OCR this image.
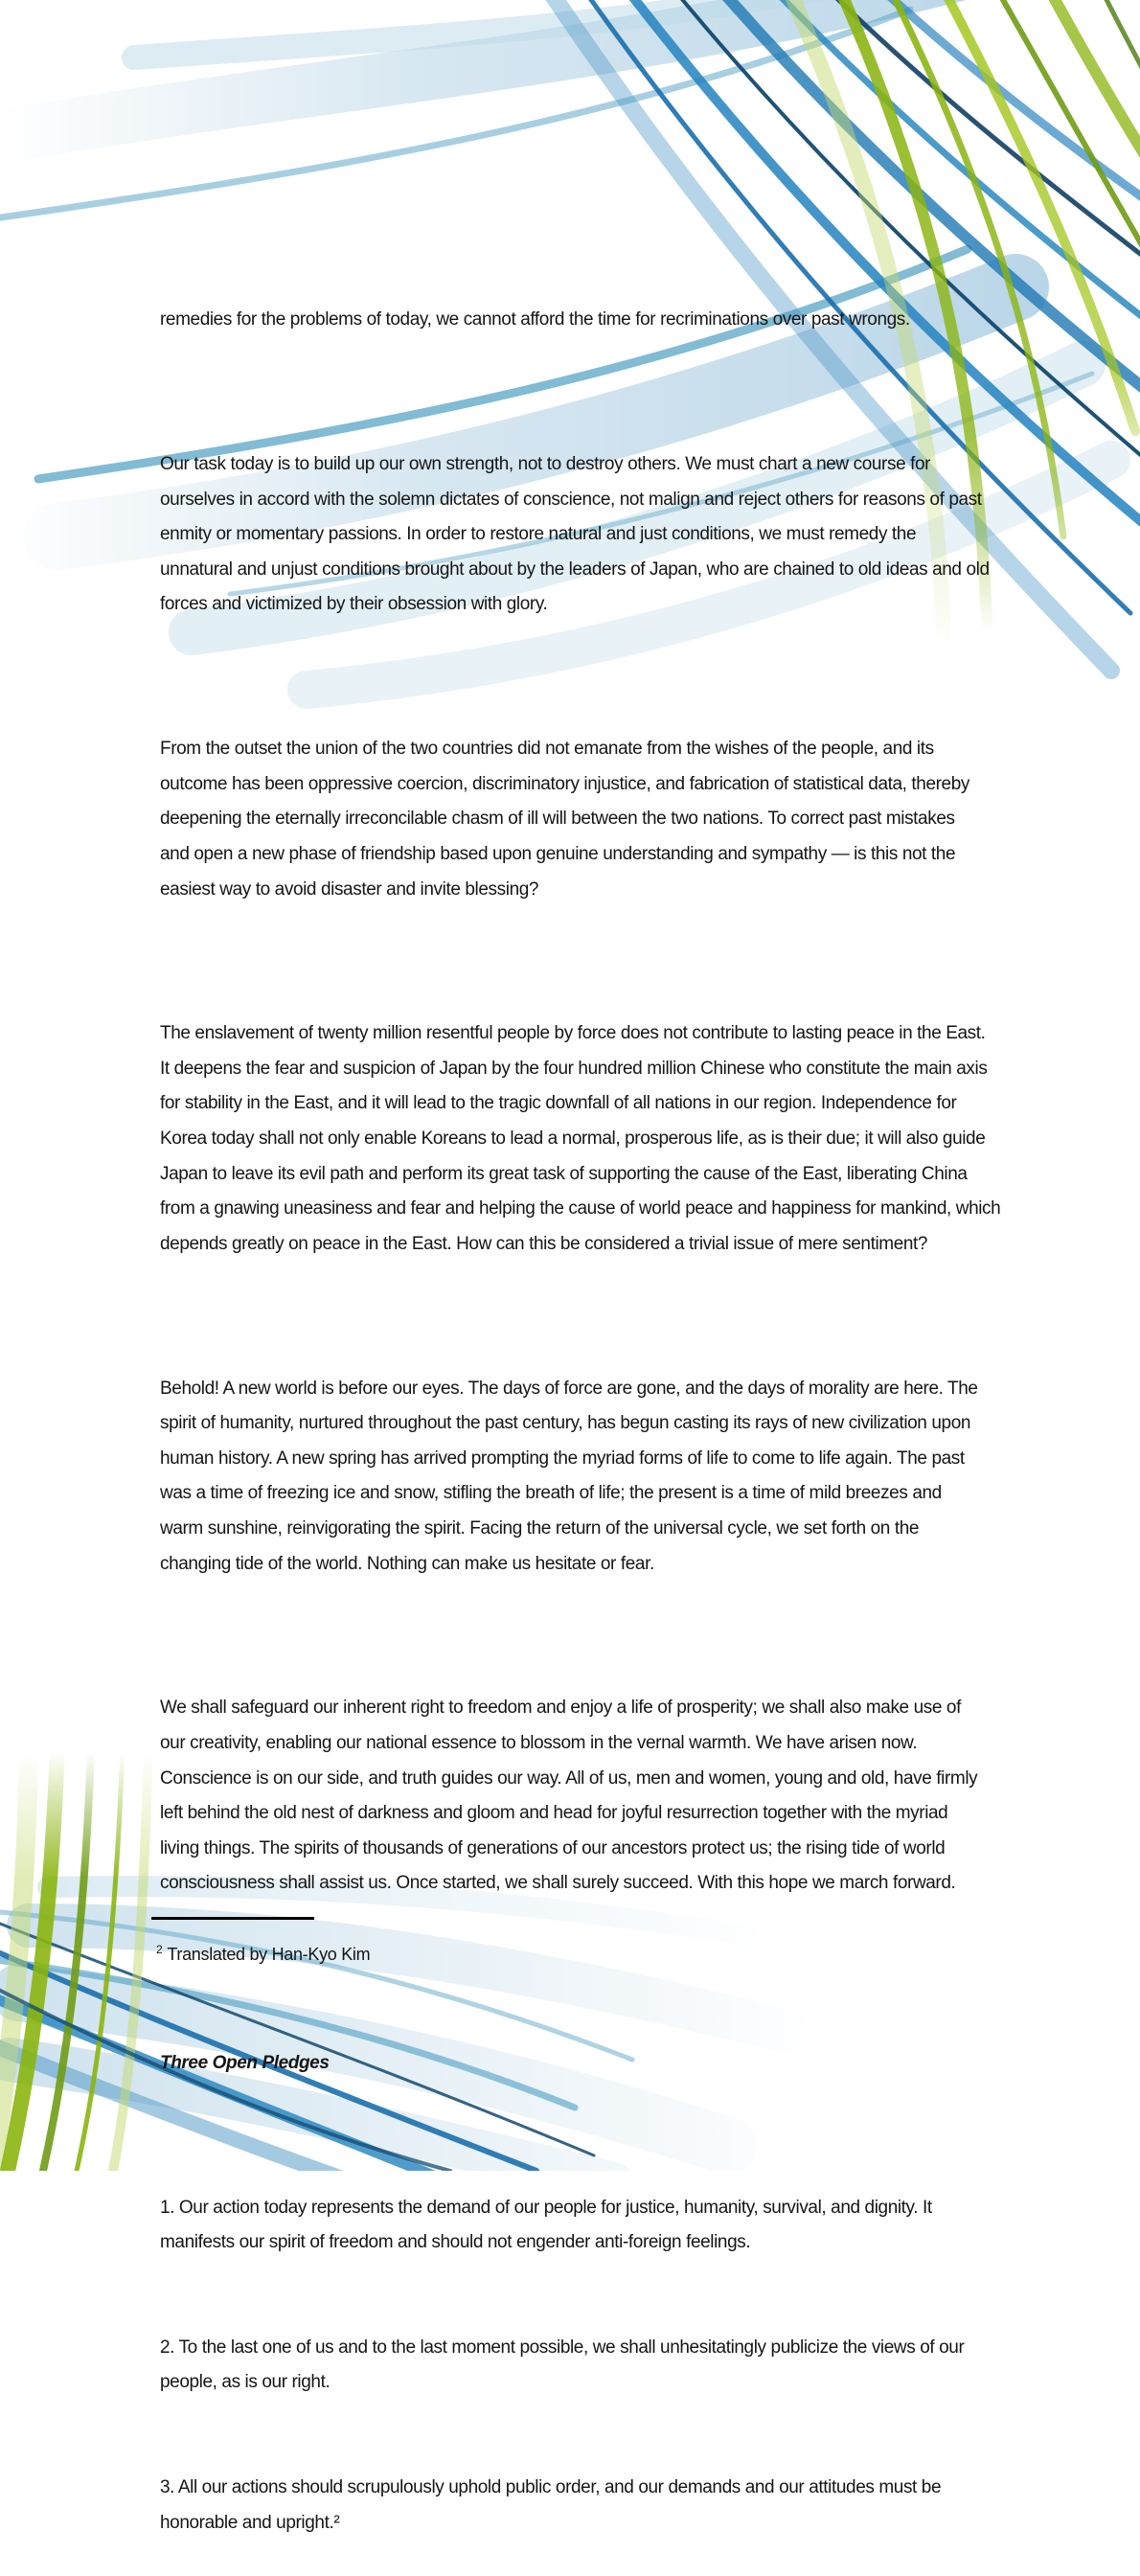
remedies for the problems of today, we cannot afford the time for recriminations over past wrongs.

Our task today is to build up our own strength, not to destroy others. We must chart a new course for
ourselves in accord with the solemn dictates of conscience, not malign and reject others for reasons of past
enmity or momentary passions. In order to restore natural and just conditions, we must remedy the
unnatural and unjust conditions brought about by the leaders of Japan, who are chained to old ideas and old
forces and victimized by their obsession with glory.

From the outset the union of the two countries did not emanate from the wishes of the people, and its
outcome has been oppressive coercion, discriminatory injustice, and fabrication of statistical data, thereby
deepening the eternally irreconcilable chasm of ill will between the two nations. To correct past mistakes
and open a new phase of friendship based upon genuine understanding and sympathy — is this not the
easiest way to avoid disaster and invite blessing?

The enslavement of twenty million resentful people by force does not contribute to lasting peace in the East.
It deepens the fear and suspicion of Japan by the four hundred million Chinese who constitute the main axis
for stability in the East, and it will lead to the tragic downfall of all nations in our region. Independence for
Korea today shall not only enable Koreans to lead a normal, prosperous life, as is their due; it will also guide
Japan to leave its evil path and perform its great task of supporting the cause of the East, liberating China
from a gnawing uneasiness and fear and helping the cause of world peace and happiness for mankind, which
depends greatly on peace in the East. How can this be considered a trivial issue of mere sentiment?

Behold! A new world is before our eyes. The days of force are gone, and the days of morality are here. The
spirit of humanity, nurtured throughout the past century, has begun casting its rays of new civilization upon
human history. A new spring has arrived prompting the myriad forms of life to come to life again. The past
was a time of freezing ice and snow, stifling the breath of life; the present is a time of mild breezes and
warm sunshine, reinvigorating the spirit. Facing the return of the universal cycle, we set forth on the
changing tide of the world. Nothing can make us hesitate or fear.

We shall safeguard our inherent right to freedom and enjoy a life of prosperity; we shall also make use of
our creativity, enabling our national essence to blossom in the vernal warmth. We have arisen now.
Conscience is on our side, and truth guides our way. All of us, men and women, young and old, have firmly
left behind the old nest of darkness and gloom and head for joyful resurrection together with the myriad
living things. The spirits of thousands of generations of our ancestors protect us; the rising tide of world
consciousness shall assist us. Once started, we shall surely succeed. With this hope we march forward.

Three Open Pledges

1. Our action today represents the demand of our people for justice, humanity, survival, and dignity. It
manifests our spirit of freedom and should not engender anti-foreign feelings.

2. To the last one of us and to the last moment possible, we shall unhesitatingly publicize the views of our
people, as is our right.

3. All our actions should scrupulously uphold public order, and our demands and our attitudes must be
honorable and upright.²

$^2$ Translated by Han-Kyo Kim
